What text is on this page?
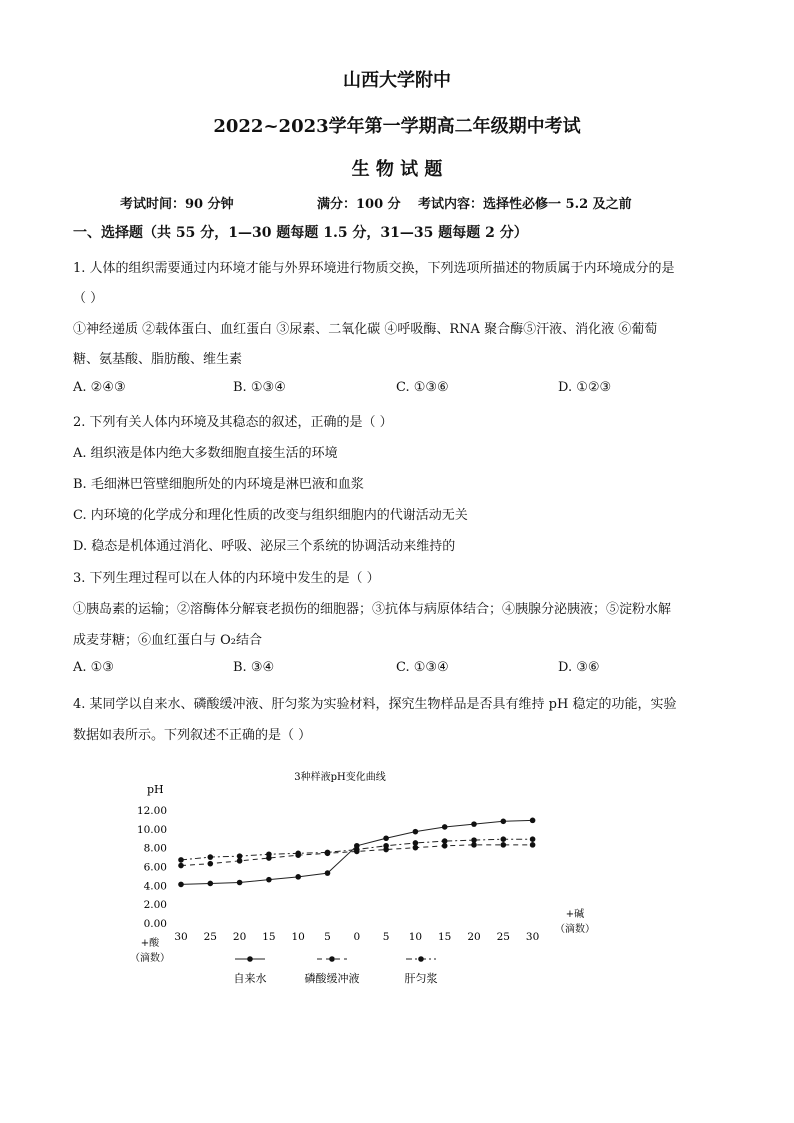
山西大学附中
2022~2023学年第一学期高二年级期中考试
生 物 试 题
考试时间：90 分钟	满分：100 分 考试内容：选择性必修一 5.2 及之前
一、选择题（共 55 分，1—30 题每题 1.5 分，31—35 题每题 2 分）
1. 人体的组织需要通过内环境才能与外界环境进行物质交换，下列选项所描述的物质属于内环境成分的是
（ ）
①神经递质 ②载体蛋白、血红蛋白 ③尿素、二氧化碳 ④呼吸酶、RNA 聚合酶⑤汗液、消化液 ⑥葡萄
糖、氨基酸、脂肪酸、维生素
A. ②④③	B. ①③④	C. ①③⑥	D. ①②③
2. 下列有关人体内环境及其稳态的叙述，正确的是（ ）
A. 组织液是体内绝大多数细胞直接生活的环境
B. 毛细淋巴管壁细胞所处的内环境是淋巴液和血浆
C. 内环境的化学成分和理化性质的改变与组织细胞内的代谢活动无关
D. 稳态是机体通过消化、呼吸、泌尿三个系统的协调活动来维持的
3. 下列生理过程可以在人体的内环境中发生的是（ ）
①胰岛素的运输；②溶酶体分解衰老损伤的细胞器；③抗体与病原体结合；④胰腺分泌胰液；⑤淀粉水解
成麦芽糖；⑥血红蛋白与 O₂结合
A. ①③	B. ③④	C. ①③④	D. ③⑥
4. 某同学以自来水、磷酸缓冲液、肝匀浆为实验材料，探究生物样品是否具有维持 pH 稳定的功能，实验
数据如表所示。下列叙述不正确的是（ ）
3种样液pH变化曲线
pH
12.00
10.00
8.00
6.00
4.00
2.00
0.00
30 25 20 15 10 5 0 5 10 15 20 25 30
+酸
（滴数）
+碱
（滴数）
自来水	磷酸缓冲液	肝匀浆
